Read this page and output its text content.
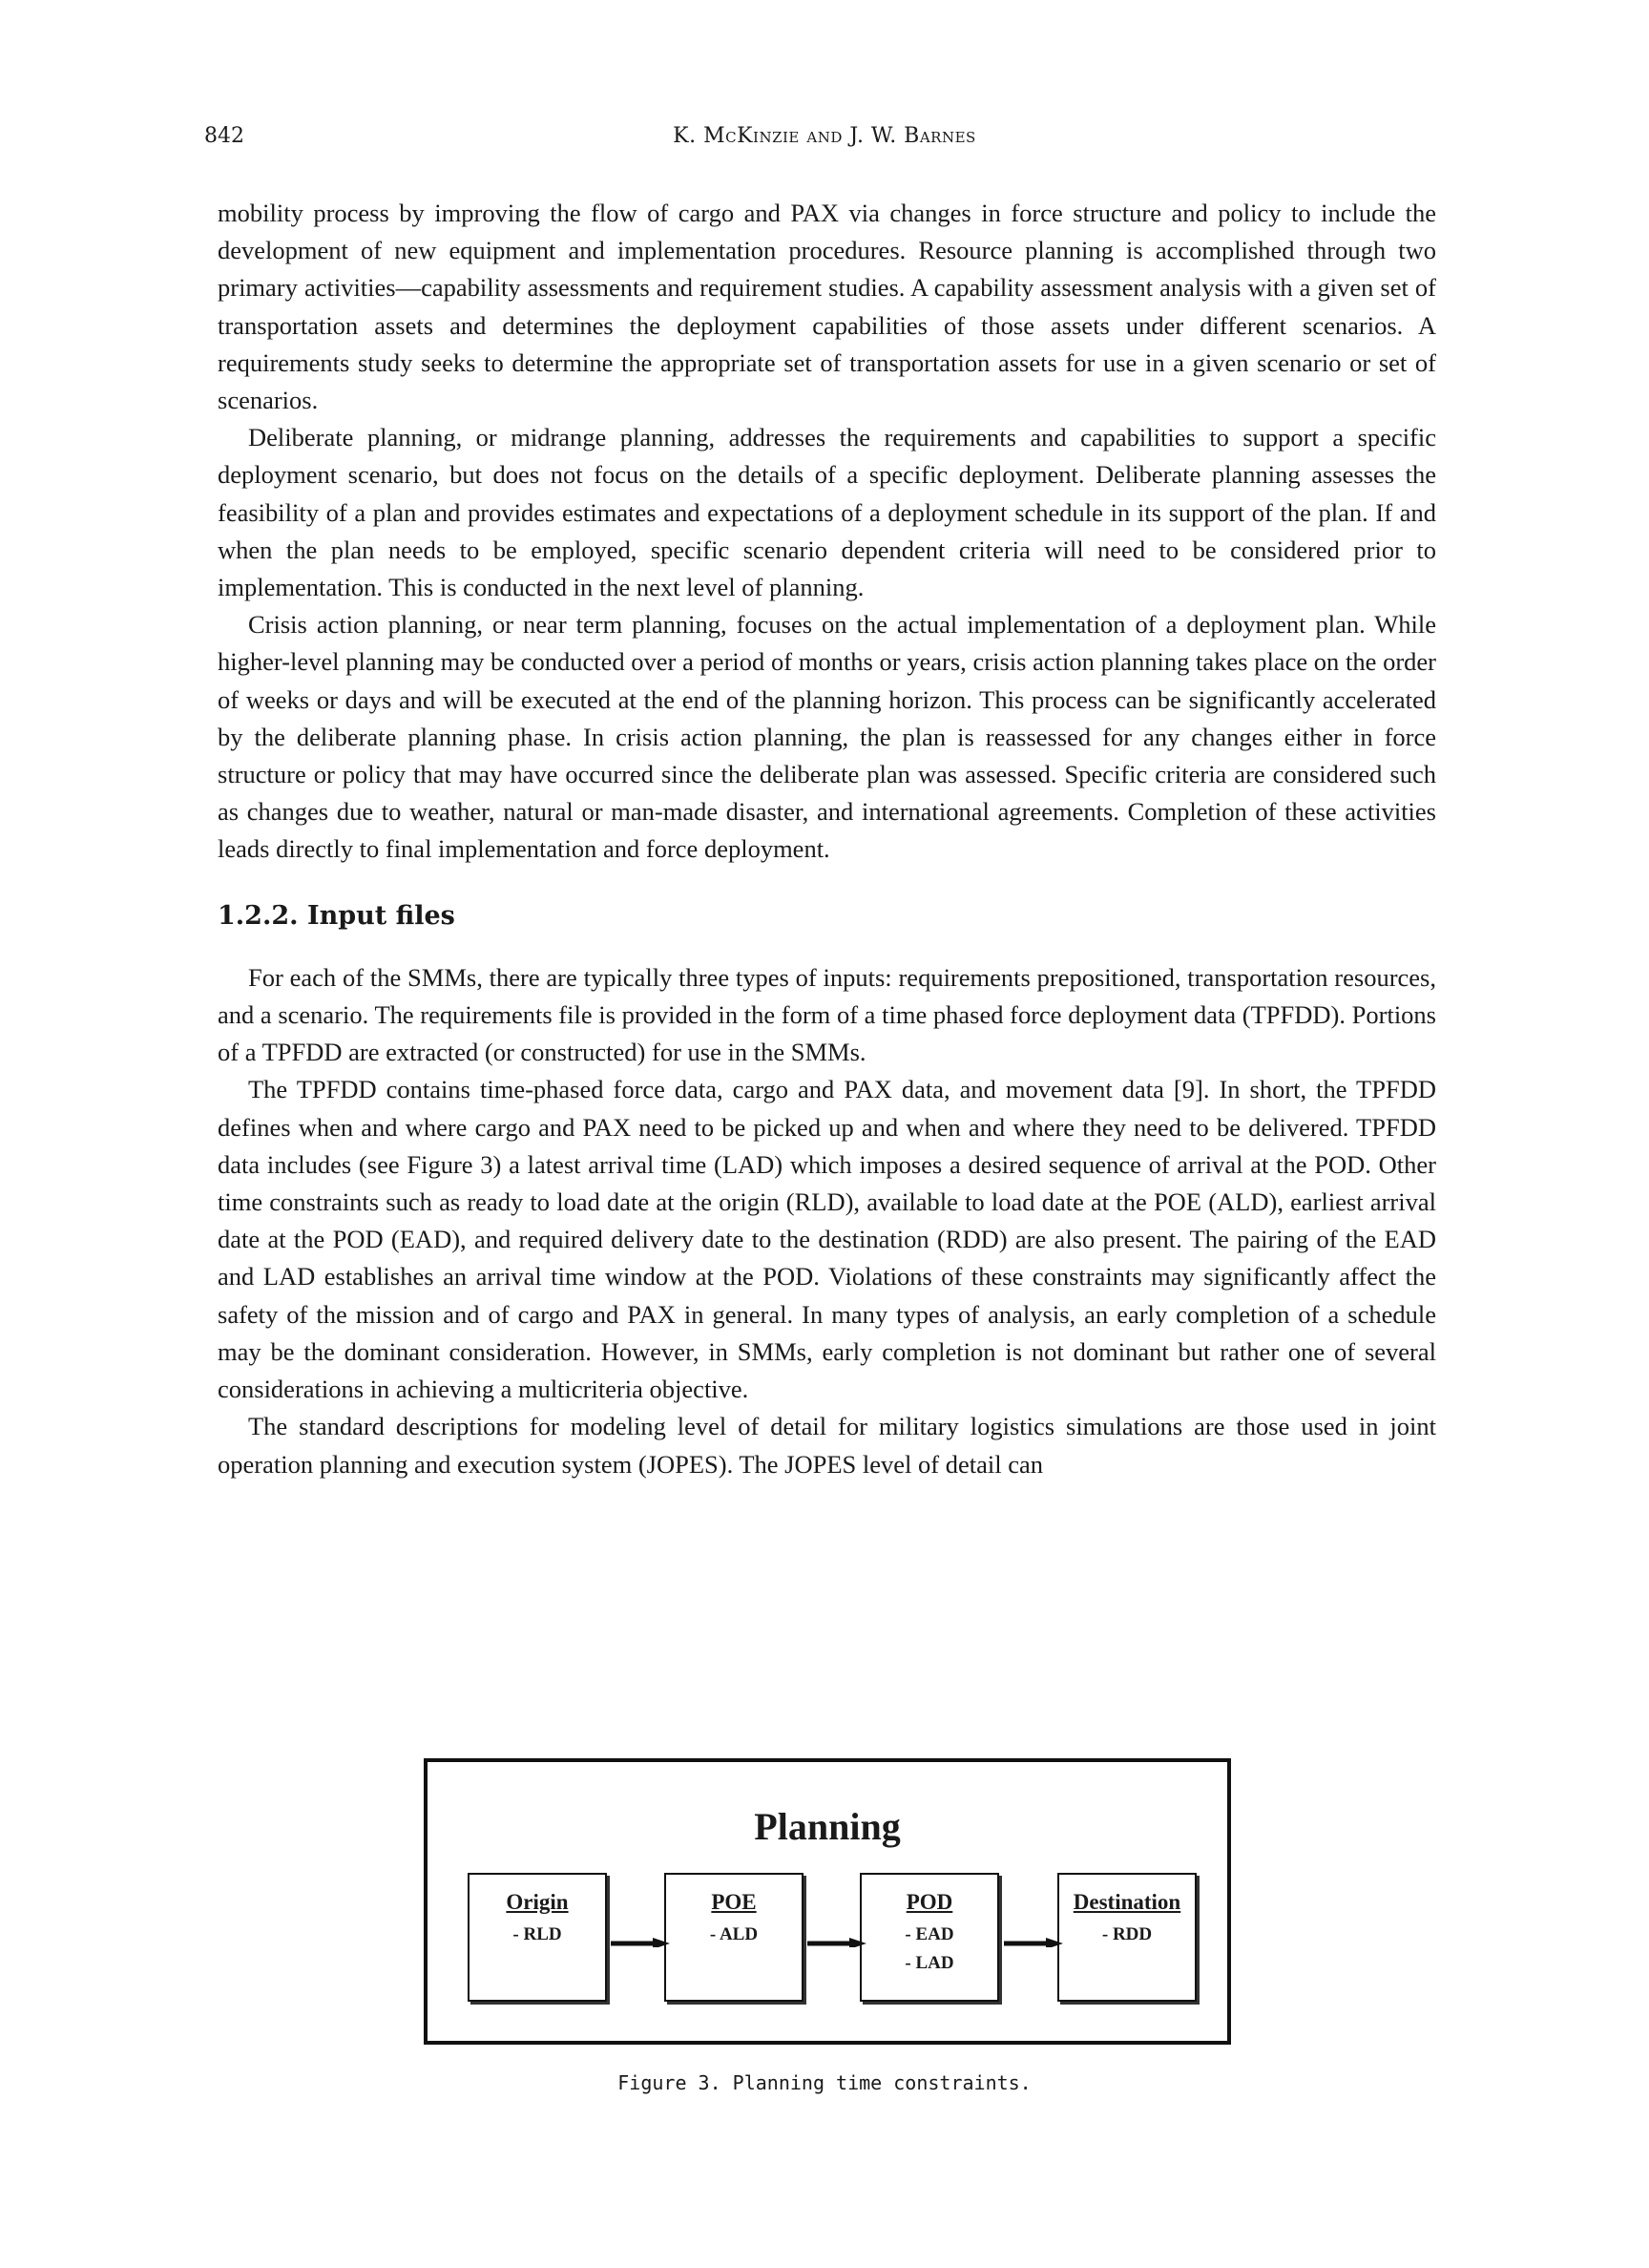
842	K. McKinzie and J. W. Barnes

mobility process by improving the flow of cargo and PAX via changes in force structure and policy to include the development of new equipment and implementation procedures. Resource planning is accomplished through two primary activities—capability assessments and requirement studies. A capability assessment analysis with a given set of transportation assets and determines the deployment capabilities of those assets under different scenarios. A requirements study seeks to determine the appropriate set of transportation assets for use in a given scenario or set of scenarios.

Deliberate planning, or midrange planning, addresses the requirements and capabilities to support a specific deployment scenario, but does not focus on the details of a specific deployment. Deliberate planning assesses the feasibility of a plan and provides estimates and expectations of a deployment schedule in its support of the plan. If and when the plan needs to be employed, specific scenario dependent criteria will need to be considered prior to implementation. This is conducted in the next level of planning.

Crisis action planning, or near term planning, focuses on the actual implementation of a deployment plan. While higher-level planning may be conducted over a period of months or years, crisis action planning takes place on the order of weeks or days and will be executed at the end of the planning horizon. This process can be significantly accelerated by the deliberate planning phase. In crisis action planning, the plan is reassessed for any changes either in force structure or policy that may have occurred since the deliberate plan was assessed. Specific criteria are considered such as changes due to weather, natural or man-made disaster, and international agreements. Completion of these activities leads directly to final implementation and force deployment.

1.2.2. Input files

For each of the SMMs, there are typically three types of inputs: requirements prepositioned, transportation resources, and a scenario. The requirements file is provided in the form of a time phased force deployment data (TPFDD). Portions of a TPFDD are extracted (or constructed) for use in the SMMs.

The TPFDD contains time-phased force data, cargo and PAX data, and movement data [9]. In short, the TPFDD defines when and where cargo and PAX need to be picked up and when and where they need to be delivered. TPFDD data includes (see Figure 3) a latest arrival time (LAD) which imposes a desired sequence of arrival at the POD. Other time constraints such as ready to load date at the origin (RLD), available to load date at the POE (ALD), earliest arrival date at the POD (EAD), and required delivery date to the destination (RDD) are also present. The pairing of the EAD and LAD establishes an arrival time window at the POD. Violations of these constraints may significantly affect the safety of the mission and of cargo and PAX in general. In many types of analysis, an early completion of a schedule may be the dominant consideration. However, in SMMs, early completion is not dominant but rather one of several considerations in achieving a multicriteria objective.

The standard descriptions for modeling level of detail for military logistics simulations are those used in joint operation planning and execution system (JOPES). The JOPES level of detail can

Planning
Origin
- RLD
POE
- ALD
POD
- EAD
- LAD
Destination
- RDD
Figure 3. Planning time constraints.
